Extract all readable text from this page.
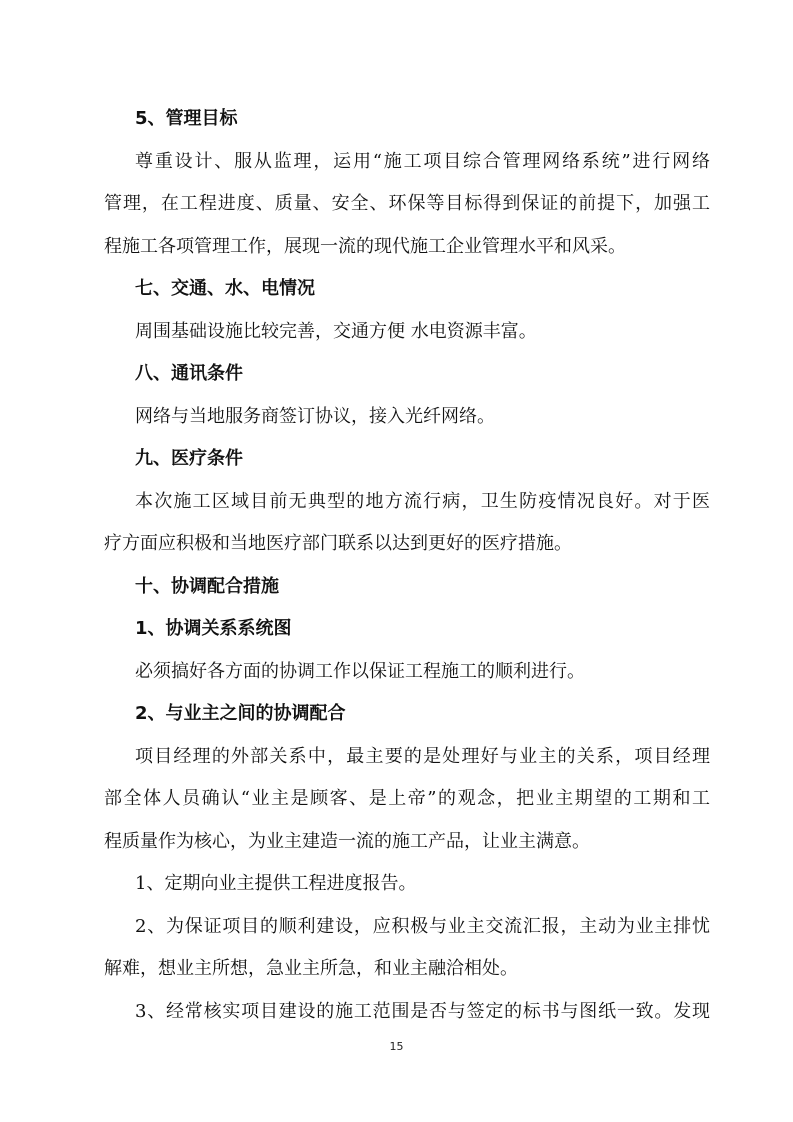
5、管理目标
尊重设计、服从监理，运用“施工项目综合管理网络系统”进行网络
管理，在工程进度、质量、安全、环保等目标得到保证的前提下，加强工
程施工各项管理工作，展现一流的现代施工企业管理水平和风采。
七、交通、水、电情况
周围基础设施比较完善，交通方便 水电资源丰富。
八、通讯条件
网络与当地服务商签订协议，接入光纤网络。
九、医疗条件
本次施工区域目前无典型的地方流行病，卫生防疫情况良好。对于医
疗方面应积极和当地医疗部门联系以达到更好的医疗措施。
十、协调配合措施
1、协调关系系统图
必须搞好各方面的协调工作以保证工程施工的顺利进行。
2、与业主之间的协调配合
项目经理的外部关系中，最主要的是处理好与业主的关系，项目经理
部全体人员确认“业主是顾客、是上帝”的观念，把业主期望的工期和工
程质量作为核心，为业主建造一流的施工产品，让业主满意。
1、定期向业主提供工程进度报告。
2、为保证项目的顺利建设，应积极与业主交流汇报，主动为业主排忧
解难，想业主所想，急业主所急，和业主融洽相处。
3、经常核实项目建设的施工范围是否与签定的标书与图纸一致。发现
15
